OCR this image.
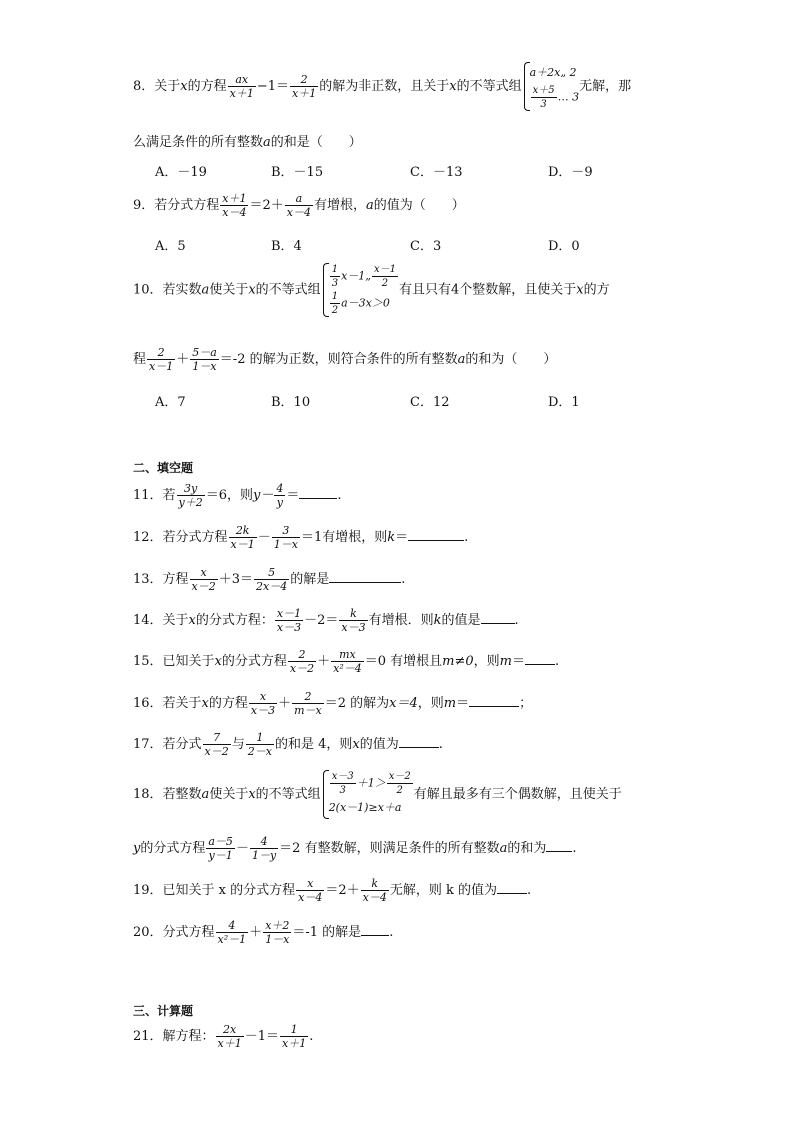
8．关于x的方程 $\frac{ax}{x+1} -1= \frac{2}{x+1}$ 的解为非正数，且关于x的不等式组
a＋2x„ 2
$\frac{x+5}{3}$ … 3
无解，那
么满足条件的所有整数a的和是（　　）
A．－19	B．－15	C．－13	D．－9
9．若分式方程 $\frac{x+1}{x-4} =2+ \frac{a}{x-4}$ 有增根，a的值为（　　）
A．5	B．4	C．3	D．0
10．若实数a使关于x的不等式组 $\frac{1}{3}$ x－1„ $\frac{x-1}{2}$
$\frac{1}{2} a-3x>0$
有且只有4个整数解，且使关于x的方
程 $\frac{2}{x-1} + \frac{5-a}{1-x} =-2$ 的解为正数，则符合条件的所有整数a的和为（　　）
A．7	B．10	C．12	D．1
二、填空题
11．若 $\frac{3y}{y+2} =6$，则$y- \frac{4}{y}$ ＝	.
12．若分式方程 $\frac{2k}{x-1} - \frac{3}{1-x} =1$有增根，则k＝	.
13．方程 $\frac{x}{x-2} +3= \frac{5}{2x-4}$ 的解是	.
14．关于x的分式方程： $\frac{x-1}{x-3} -2= \frac{k}{x-3}$ 有增根．则k的值是	.
15．已知关于x的分式方程 $\frac{2}{x-2} + \frac{mx}{\text{x²－4}} =0$ 有增根且m≠0，则m＝ .
16．若关于x的方程 $\frac{x}{x-3} + \frac{2}{m-x} =2$ 的解为x＝4，则m＝	；
17．若分式 $\frac{7}{x-2}$ 与 $\frac{1}{2-x}$ 的和是 4，则x的值为	.
18．若整数a使关于x的不等式组 $\frac{x-3}{3} +1> \frac{x-2}{2}$
2(x－1)≥x＋a
有解且最多有三个偶数解，且使关于
y的分式方程 $\frac{a-5}{y-1} - \frac{4}{1-y} =2$ 有整数解，则满足条件的所有整数a的和为 .
19．已知关于 x 的分式方程 $\frac{x}{x-4} =2+ \frac{k}{x-4}$ 无解，则 k 的值为 .
20．分式方程 $\frac{4}{\text{x²－1}} + \frac{x+2}{1-x} =-1$ 的解是 .
三、计算题
21．解方程： $\frac{2x}{x+1} -1= \frac{1}{x+1}$ .
